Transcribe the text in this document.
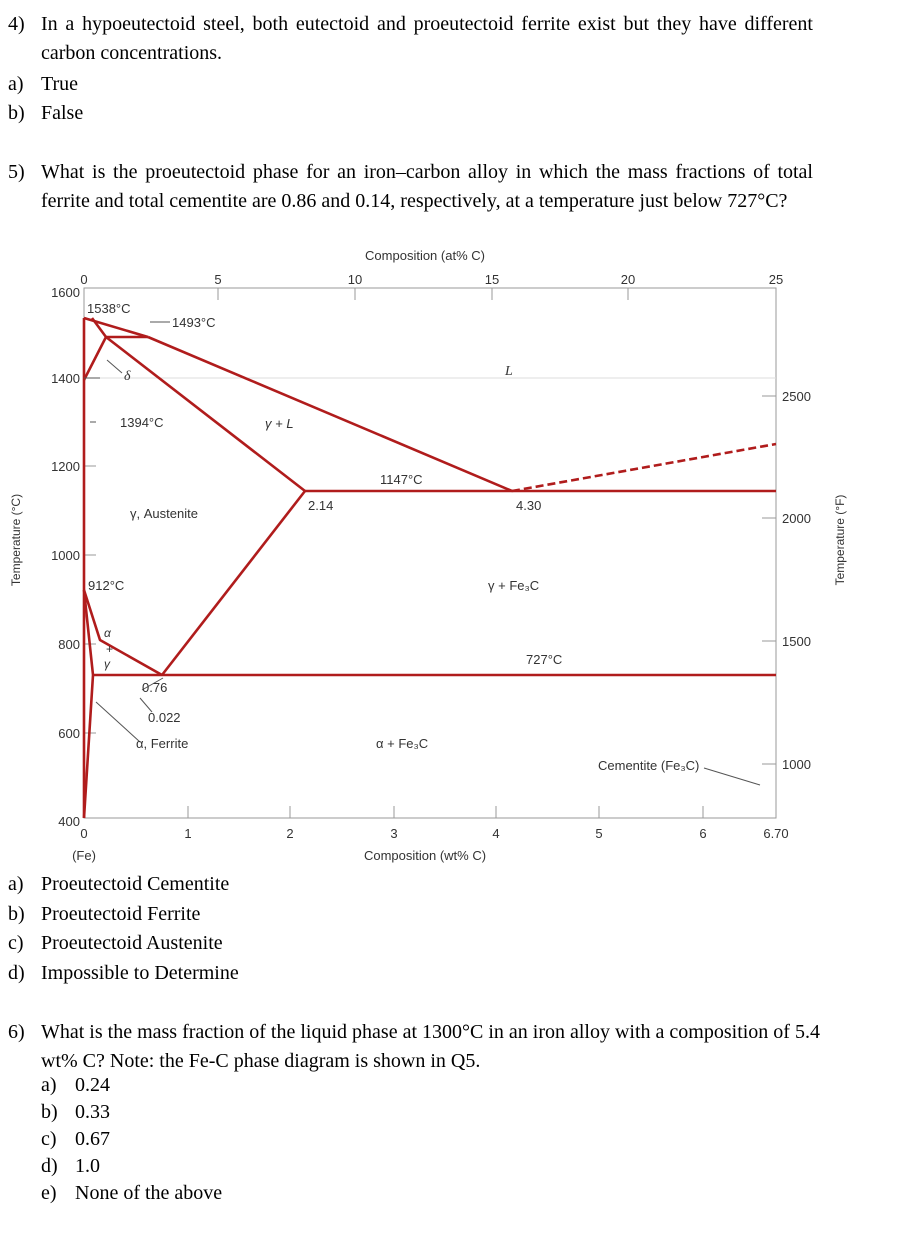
4) In a hypoeutectoid steel, both eutectoid and proeutectoid ferrite exist but they have different carbon concentrations.
a) True
b) False
5) What is the proeutectoid phase for an iron–carbon alloy in which the mass fractions of total ferrite and total cementite are 0.86 and 0.14, respectively, at a temperature just below 727°C?
Composition (at% C)
0	5	10	15	20	25
0	1	2	3	4	5	6	6.70
(Fe)	Composition (wt% C)
1600
1400
1200
1000
800
600
400
2500
2000
1500
1000
Temperature (°C)	Temperature (°F)
1538°C
1493°C
δ	L
1394°C	γ + L
1147°C
2.14	4.30
γ, Austenite
γ + Fe₃C
912°C
α
+
γ	727°C
0.76
0.022
α, Ferrite	α + Fe₃C
Cementite (Fe₃C)
a) Proeutectoid Cementite
b) Proeutectoid Ferrite
c) Proeutectoid Austenite
d) Impossible to Determine
6) What is the mass fraction of the liquid phase at 1300°C in an iron alloy with a composition of 5.4 wt% C? Note: the Fe-C phase diagram is shown in Q5.
a) 0.24
b) 0.33
c) 0.67
d) 1.0
e) None of the above
